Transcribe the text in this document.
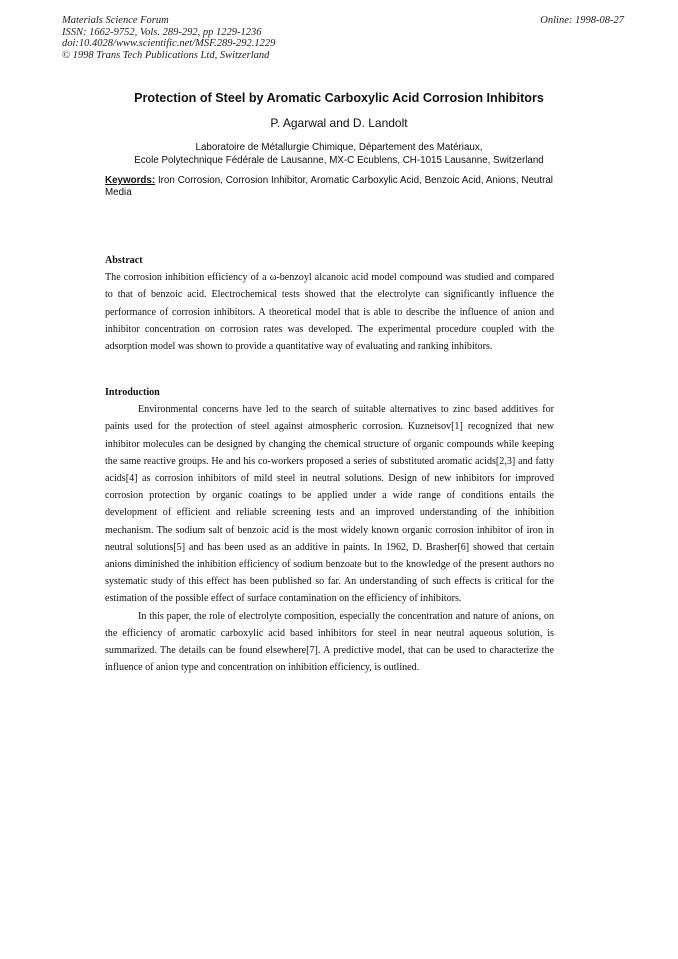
Materials Science Forum
ISSN: 1662-9752, Vols. 289-292, pp 1229-1236
doi:10.4028/www.scientific.net/MSF.289-292.1229
© 1998 Trans Tech Publications Ltd, Switzerland
Online: 1998-08-27
Protection of Steel by Aromatic Carboxylic Acid Corrosion Inhibitors
P. Agarwal and D. Landolt
Laboratoire de Métallurgie Chimique, Département des Matériaux,
Ecole Polytechnique Fédérale de Lausanne, MX-C Ecublens, CH-1015 Lausanne, Switzerland
Keywords: Iron Corrosion, Corrosion Inhibitor, Aromatic Carboxylic Acid, Benzoic Acid, Anions, Neutral Media
Abstract

The corrosion inhibition efficiency of a ω-benzoyl alcanoic acid model compound was studied and compared to that of benzoic acid. Electrochemical tests showed that the electrolyte can significantly influence the performance of corrosion inhibitors. A theoretical model that is able to describe the influence of anion and inhibitor concentration on corrosion rates was developed. The experimental procedure coupled with the adsorption model was shown to provide a quantitative way of evaluating and ranking inhibitors.

Introduction

Environmental concerns have led to the search of suitable alternatives to zinc based additives for paints used for the protection of steel against atmospheric corrosion. Kuznetsov[1] recognized that new inhibitor molecules can be designed by changing the chemical structure of organic compounds while keeping the same reactive groups. He and his co-workers proposed a series of substituted aromatic acids[2,3] and fatty acids[4] as corrosion inhibitors of mild steel in neutral solutions. Design of new inhibitors for improved corrosion protection by organic coatings to be applied under a wide range of conditions entails the development of efficient and reliable screening tests and an improved understanding of the inhibition mechanism. The sodium salt of benzoic acid is the most widely known organic corrosion inhibitor of iron in neutral solutions[5] and has been used as an additive in paints. In 1962, D. Brasher[6] showed that certain anions diminished the inhibition efficiency of sodium benzoate but to the knowledge of the present authors no systematic study of this effect has been published so far. An understanding of such effects is critical for the estimation of the possible effect of surface contamination on the efficiency of inhibitors.

In this paper, the role of electrolyte composition, especially the concentration and nature of anions, on the efficiency of aromatic carboxylic acid based inhibitors for steel in near neutral aqueous solution, is summarized. The details can be found elsewhere[7]. A predictive model, that can be used to characterize the influence of anion type and concentration on inhibition efficiency, is outlined.
